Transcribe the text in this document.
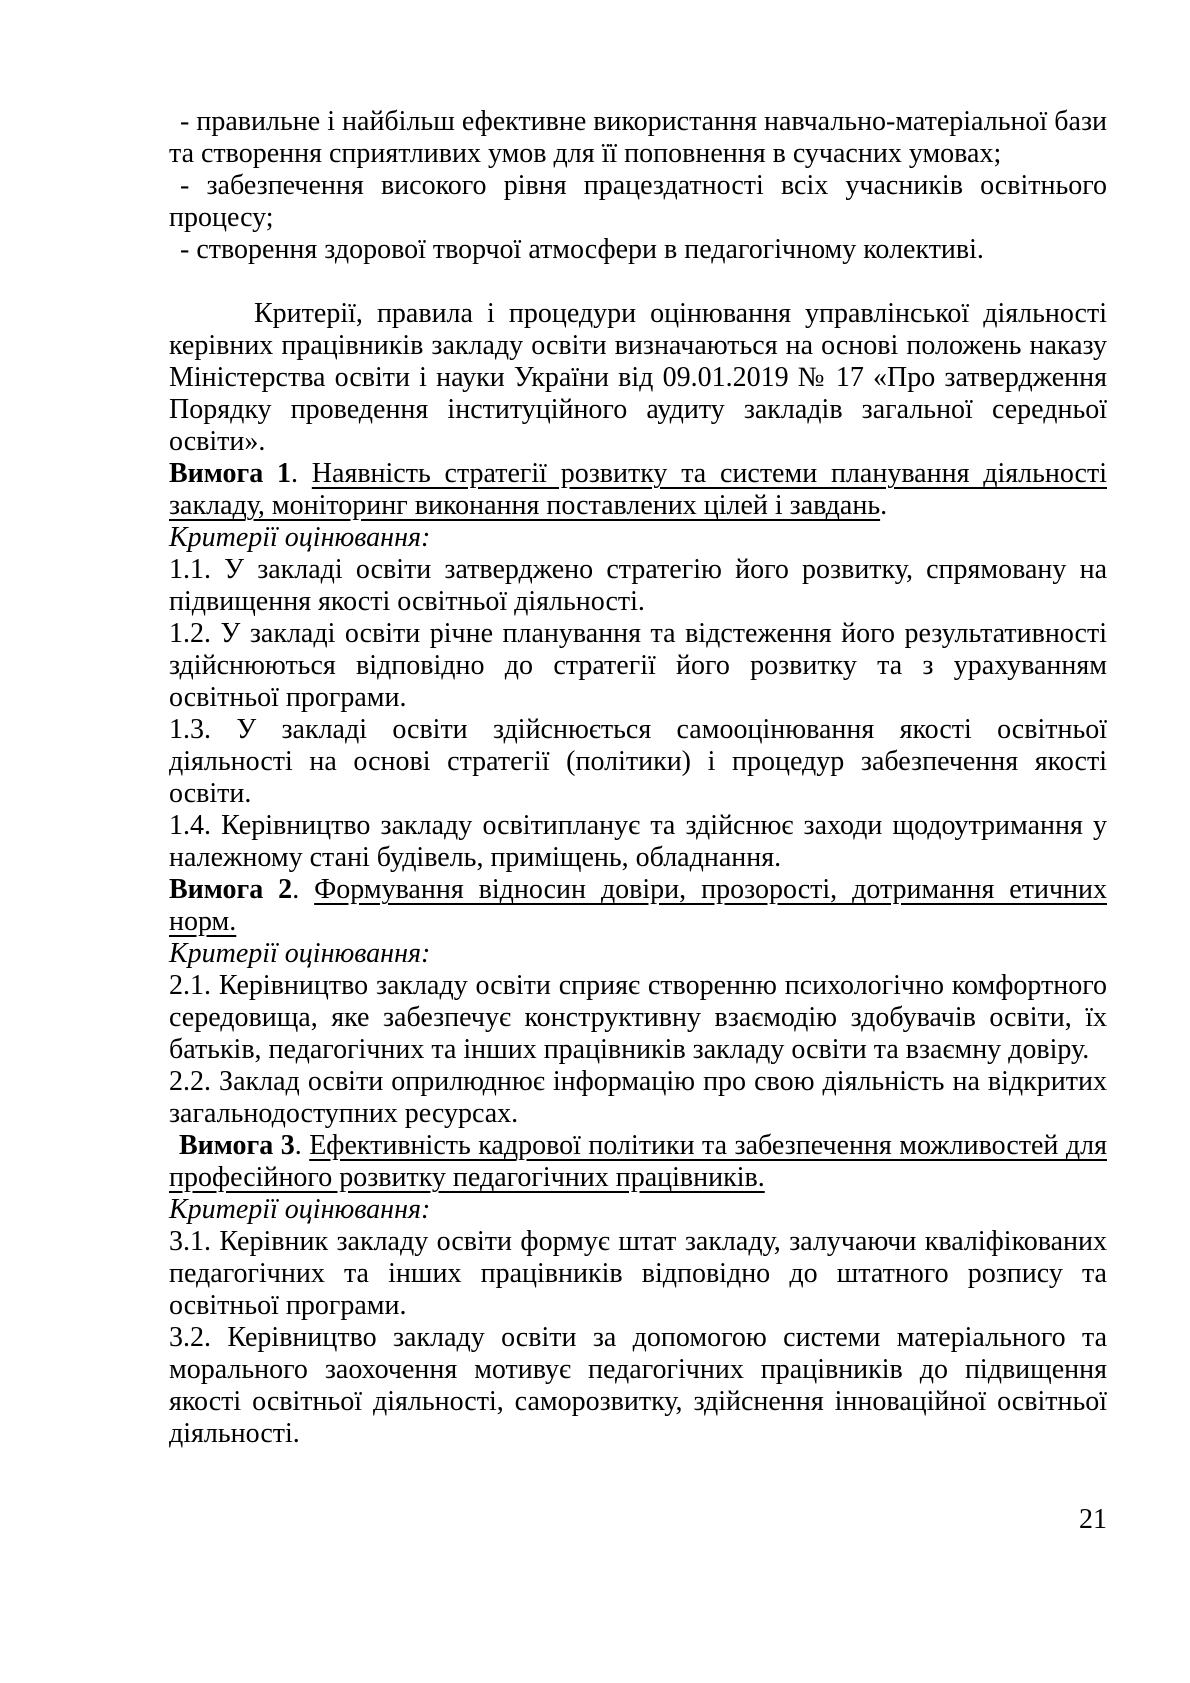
- правильне і найбільш ефективне використання навчально-матеріальної бази та створення сприятливих умов для її поповнення в сучасних умовах;

- забезпечення високого рівня працездатності всіх учасників освітнього процесу;

- створення здорової творчої атмосфери в педагогічному колективі.

Критерії, правила і процедури оцінювання управлінської діяльності керівних працівників закладу освіти визначаються на основі положень наказу Міністерства освіти і науки України від 09.01.2019 № 17 «Про затвердження Порядку проведення інституційного аудиту закладів загальної середньої освіти».

Вимога 1. Наявність стратегії розвитку та системи планування діяльності закладу, моніторинг виконання поставлених цілей і завдань.

Критерії оцінювання:

1.1. У закладі освіти затверджено стратегію його розвитку, спрямовану на підвищення якості освітньої діяльності.

1.2. У закладі освіти річне планування та відстеження його результативності здійснюються відповідно до стратегії його розвитку та з урахуванням освітньої програми.

1.3. У закладі освіти здійснюється самооцінювання якості освітньої діяльності на основі стратегії (політики) і процедур забезпечення якості освіти.

1.4. Керівництво закладу освітипланує та здійснює заходи щодоутримання у належному стані будівель, приміщень, обладнання.

Вимога 2. Формування відносин довіри, прозорості, дотримання етичних норм.

Критерії оцінювання:

2.1. Керівництво закладу освіти сприяє створенню психологічно комфортного середовища, яке забезпечує конструктивну взаємодію здобувачів освіти, їх батьків, педагогічних та інших працівників закладу освіти та взаємну довіру.

2.2. Заклад освіти оприлюднює інформацію про свою діяльність на відкритих загальнодоступних ресурсах.

Вимога 3. Ефективність кадрової політики та забезпечення можливостей для професійного розвитку педагогічних працівників.

Критерії оцінювання:

3.1. Керівник закладу освіти формує штат закладу, залучаючи кваліфікованих педагогічних та інших працівників відповідно до штатного розпису та освітньої програми.

3.2. Керівництво закладу освіти за допомогою системи матеріального та морального заохочення мотивує педагогічних працівників до підвищення якості освітньої діяльності, саморозвитку, здійснення інноваційної освітньої діяльності.

21
